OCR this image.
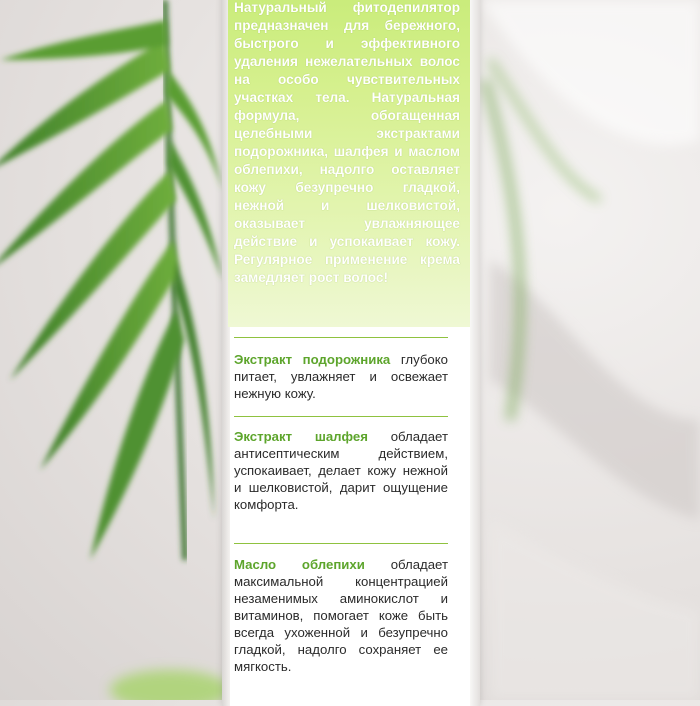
Натуральный фитодепилятор предназначен для бережного, быстрого и эффективного удаления нежелательных волос на особо чувствительных участках тела. Натуральная формула, обогащенная целебными экстрактами подорожника, шалфея и маслом облепихи, надолго оставляет кожу безупречно гладкой, нежной и шелковистой, оказывает увлажняющее действие и успокаивает кожу. Регулярное применение крема замедляет рост волос!

Экстракт подорожника глубоко питает, увлажняет и освежает нежную кожу.
Экстракт шалфея обладает антисептическим действием, успокаивает, делает кожу нежной и шелковистой, дарит ощущение комфорта.
Масло облепихи обладает максимальной концентрацией незаменимых аминокислот и витаминов, помогает коже быть всегда ухоженной и безупречно гладкой, надолго сохраняет ее мягкость.
